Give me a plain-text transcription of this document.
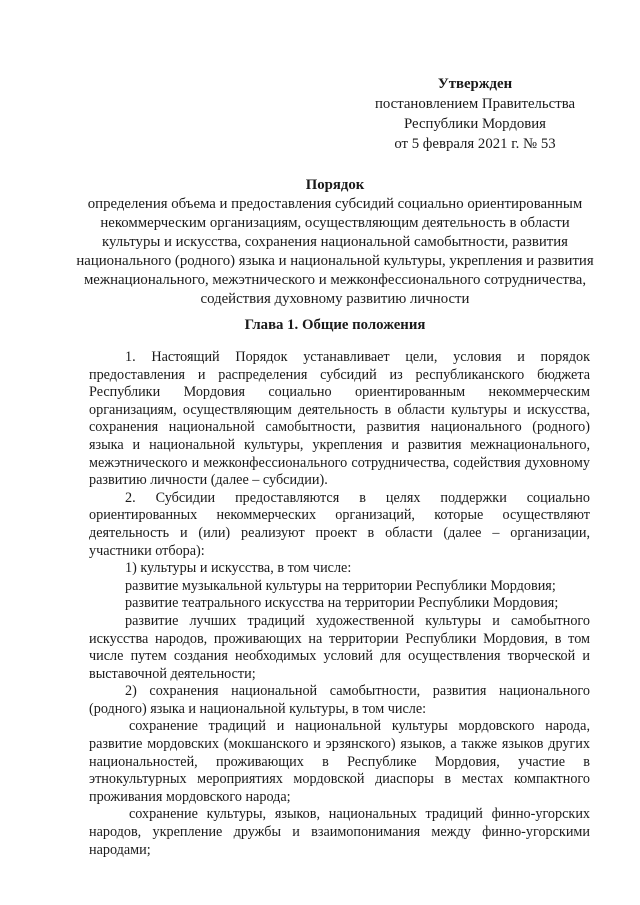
Утвержден
постановлением Правительства
Республики Мордовия
от 5 февраля 2021 г. № 53
Порядок
определения объема и предоставления субсидий социально ориентированным некоммерческим организациям, осуществляющим деятельность в области культуры и искусства, сохранения национальной самобытности, развития национального (родного) языка и национальной культуры, укрепления и развития межнационального, межэтнического и межконфессионального сотрудничества, содействия духовному развитию личности
Глава 1. Общие положения

1. Настоящий Порядок устанавливает цели, условия и порядок предоставления и распределения субсидий из республиканского бюджета Республики Мордовия социально ориентированным некоммерческим организациям, осуществляющим деятельность в области культуры и искусства, сохранения национальной самобытности, развития национального (родного) языка и национальной культуры, укрепления и развития межнационального, межэтнического и межконфессионального сотрудничества, содействия духовному развитию личности (далее – субсидии).

2. Субсидии предоставляются в целях поддержки социально ориентированных некоммерческих организаций, которые осуществляют деятельность и (или) реализуют проект в области (далее – организации, участники отбора):

1) культуры и искусства, в том числе:

развитие музыкальной культуры на территории Республики Мордовия;

развитие театрального искусства на территории Республики Мордовия;

развитие лучших традиций художественной культуры и самобытного искусства народов, проживающих на территории Республики Мордовия, в том числе путем создания необходимых условий для осуществления творческой и выставочной деятельности;

2) сохранения национальной самобытности, развития национального (родного) языка и национальной культуры, в том числе:

сохранение традиций и национальной культуры мордовского народа, развитие мордовских (мокшанского и эрзянского) языков, а также языков других национальностей, проживающих в Республике Мордовия, участие в этнокультурных мероприятиях мордовской диаспоры в местах компактного проживания мордовского народа;

сохранение культуры, языков, национальных традиций финно-угорских народов, укрепление дружбы и взаимопонимания между финно-угорскими народами;
